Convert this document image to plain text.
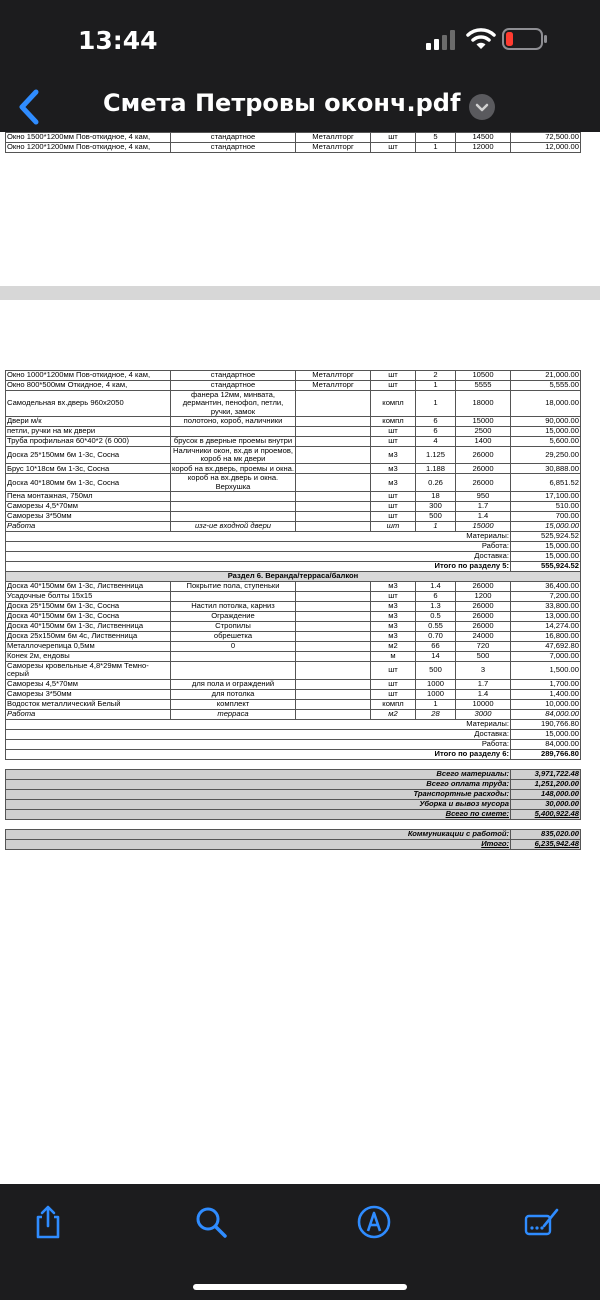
13:44
Смета Петровы оконч.pdf
Окно 1500*1200мм Пов-откидное, 4 кам,	стандартное	Металлторг	шт	5	14500	72,500.00
Окно 1200*1200мм Пов-откидное, 4 кам,	стандартное	Металлторг	шт	1	12000	12,000.00
Окно 1000*1200мм Пов-откидное, 4 кам,	стандартное	Металлторг	шт	2	10500	21,000.00
Окно 800*500мм Откидное, 4 кам,	стандартное	Металлторг	шт	1	5555	5,555.00
Самодельная вх.дверь 960х2050	фанера 12мм, минвата, дермантин, пенофол, петли, ручки, замок		компл	1	18000	18,000.00
Двери м/к	полотоно, короб, наличники		компл	6	15000	90,000.00
петли, ручки на мк двери			шт	6	2500	15,000.00
Труба профильная 60*40*2 (6 000)	брусок в дверные проемы внутри		шт	4	1400	5,600.00
Доска 25*150мм 6м 1-3с, Сосна	Наличники окон, вх.дв и проемов, короб на мк двери		м3	1.125	26000	29,250.00
Брус 10*18см 6м 1-3с, Сосна	короб на вх.дверь, проемы и окна.		м3	1.188	26000	30,888.00
Доска 40*180мм 6м 1-3с, Сосна	короб на вх.дверь и окна. Верхушка		м3	0.26	26000	6,851.52
Пена монтажная, 750мл			шт	18	950	17,100.00
Саморезы 4,5*70мм			шт	300	1.7	510.00
Саморезы 3*50мм			шт	500	1.4	700.00
Работа	изг-ие входной двери		шт	1	15000	15,000.00
Материалы:						525,924.52
Работа:						15,000.00
Доставка:						15,000.00
Итого по разделу 5:						555,924.52
Раздел 6. Веранда/терраса/балкон						
Доска 40*150мм 6м 1-3с, Лиственница	Покрытие пола, ступеньки		м3	1.4	26000	36,400.00
Усадочные болты 15х15			шт	6	1200	7,200.00
Доска 25*150мм 6м 1-3с, Сосна	Настил потолка, карниз		м3	1.3	26000	33,800.00
Доска 40*150мм 6м 1-3с, Сосна	Ограждение		м3	0.5	26000	13,000.00
Доска 40*150мм 6м 1-3с, Лиственница	Стропилы		м3	0.55	26000	14,274.00
Доска 25х150мм 6м 4с, Лиственница	обрешетка		м3	0.70	24000	16,800.00
Металлочерепица 0,5мм	0		м2	66	720	47,692.80
Конек 2м, ендовы			м	14	500	7,000.00
Саморезы кровельные 4,8*29мм Темно-серый			шт	500	3	1,500.00
Саморезы 4,5*70мм	для пола и ограждений		шт	1000	1.7	1,700.00
Саморезы 3*50мм	для потолка		шт	1000	1.4	1,400.00
Водосток металлический Белый	комплект		компл	1	10000	10,000.00
Работа	терраса		м2	28	3000	84,000.00
Материалы:						190,766.80
Доставка:						15,000.00
Работа:						84,000.00
Итого по разделу 6:						289,766.80

Всего материалы:						3,971,722.48
Всего оплата труда:						1,251,200.00
Транспортные расходы:						148,000.00
Уборка и вывоз мусора						30,000.00
Всего по смете:						5,400,922.48

Коммуникации с работой:						835,020.00
Итого:						6,235,942.48
